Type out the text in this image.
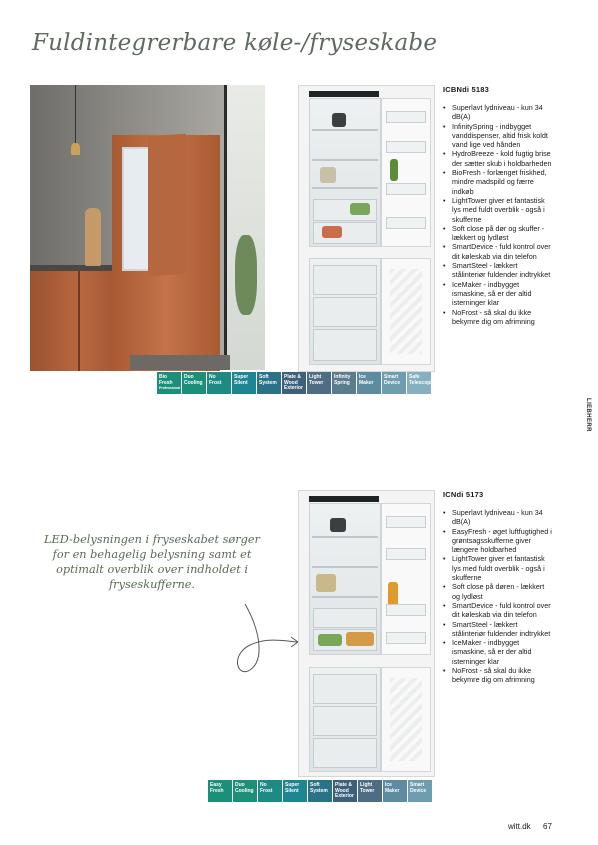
Fuldintegrerbare køle-/fryseskabe
Bio Fresh
Professional
Duo Cooling
No Frost
Super Silent
Soft System
Plate & Wood Exterior
Light Tower
Infinity Spring
Ice Maker
Smart Device
Safe Telescopic
ICBNdi 5183
• Superlavt lydniveau - kun 34 dB(A)
• InfinitySpring - indbygget vanddispenser, altid frisk koldt vand lige ved hånden
• HydroBreeze - kold fugtig brise der sætter skub i holdbarheden
• BioFresh - forlænget friskhed, mindre madspild og færre indkøb
• LightTower giver et fantastisk lys med fuldt overblik - også i skufferne
• Soft close på dør og skuffer - lækkert og lydløst
• SmartDevice - fuld kontrol over dit køleskab via din telefon
• SmartSteel - lækkert stålinteriør fuldender indtrykket
• IceMaker - indbygget ismaskine, så er der altid isterninger klar
• NoFrost - så skal du ikke bekymre dig om afrimning
LIEBHERR
LED-belysningen i fryseskabet sørger for en behagelig belysning samt et optimalt overblik over indholdet i fryseskufferne.
Easy Fresh
Duo Cooling
No Frost
Super Silent
Soft System
Plate & Wood Exterior
Light Tower
Ice Maker
Smart Device
ICNdi 5173
• Superlavt lydniveau - kun 34 dB(A)
• EasyFresh - øget luftfugtighed i grøntsagsskufferne giver længere holdbarhed
• LightTower giver et fantastisk lys med fuldt overblik - også i skufferne
• Soft close på døren - lækkert og lydløst
• SmartDevice - fuld kontrol over dit køleskab via din telefon
• SmartSteel - lækkert stålinteriør fuldender indtrykket
• IceMaker - indbygget ismaskine, så er der altid isterninger klar
• NoFrost - så skal du ikke bekymre dig om afrimning
witt.dk 67
